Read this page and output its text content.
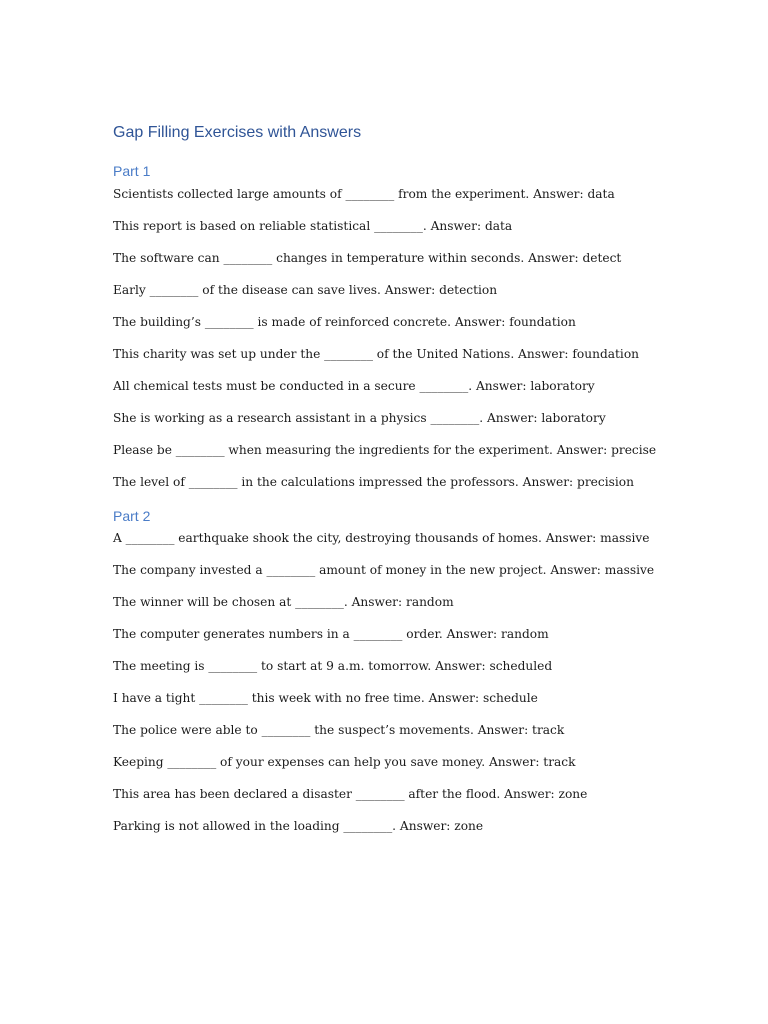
Gap Filling Exercises with Answers
Part 1

Scientists collected large amounts of ________ from the experiment. Answer: data

This report is based on reliable statistical ________. Answer: data

The software can ________ changes in temperature within seconds. Answer: detect

Early ________ of the disease can save lives. Answer: detection

The building’s ________ is made of reinforced concrete. Answer: foundation

This charity was set up under the ________ of the United Nations. Answer: foundation

All chemical tests must be conducted in a secure ________. Answer: laboratory

She is working as a research assistant in a physics ________. Answer: laboratory

Please be ________ when measuring the ingredients for the experiment. Answer: precise

The level of ________ in the calculations impressed the professors. Answer: precision

Part 2

A ________ earthquake shook the city, destroying thousands of homes. Answer: massive

The company invested a ________ amount of money in the new project. Answer: massive

The winner will be chosen at ________. Answer: random

The computer generates numbers in a ________ order. Answer: random

The meeting is ________ to start at 9 a.m. tomorrow. Answer: scheduled

I have a tight ________ this week with no free time. Answer: schedule

The police were able to ________ the suspect’s movements. Answer: track

Keeping ________ of your expenses can help you save money. Answer: track

This area has been declared a disaster ________ after the flood. Answer: zone

Parking is not allowed in the loading ________. Answer: zone
